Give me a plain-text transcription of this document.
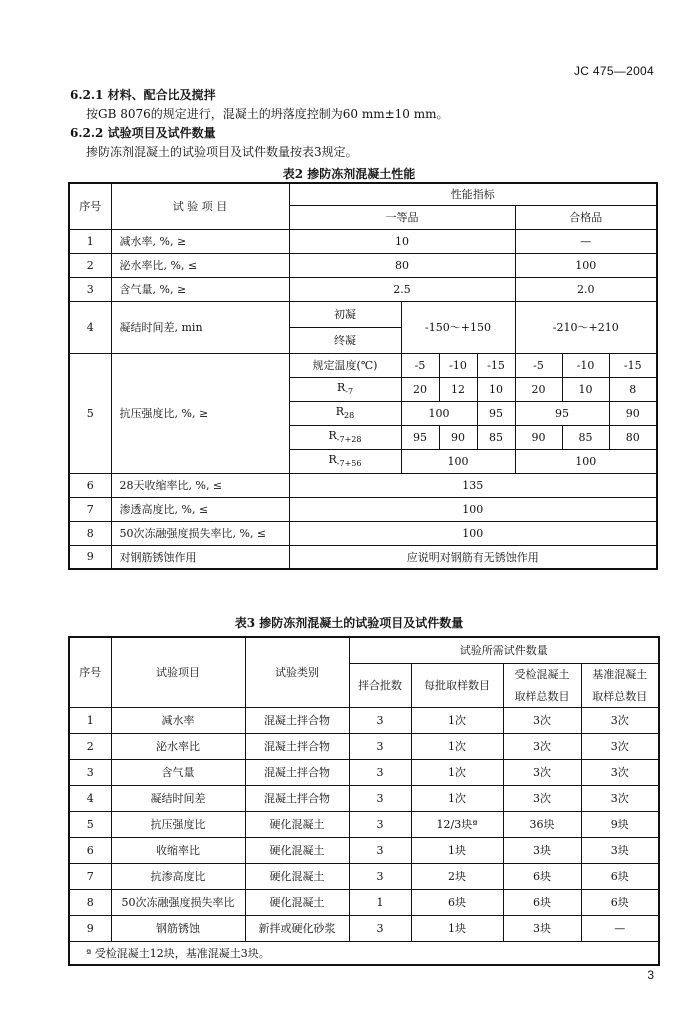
JC 475—2004
6.2.1 材料、配合比及搅拌
按GB 8076的规定进行，混凝土的坍落度控制为60 mm±10 mm。
6.2.2 试验项目及试件数量
掺防冻剂混凝土的试验项目及试件数量按表3规定。
表2 掺防冻剂混凝土性能
序号	试 验 项 目	性能指标						
		一等品				合格品		
1	减水率, %, ≥	10				—		
2	泌水率比, %, ≤	80				100		
3	含气量, %, ≥	2.5				2.0		
4	凝结时间差, min	初凝	-150～+150			-210～+210		
		终凝						
5	抗压强度比, %, ≥	规定温度(℃)	-5	-10	-15	-5	-10	-15
		$R_{-7}$	20	12	10	20	10	8
		$R_{28}$	100		95	95		90
		$R_{-7+28}$	95	90	85	90	85	80
		$R_{-7+56}$	100			100		
6	28天收缩率比, %, ≤	135						
7	渗透高度比, %, ≤	100						
8	50次冻融强度损失率比, %, ≤	100						
9	对钢筋锈蚀作用	应说明对钢筋有无锈蚀作用						
表3 掺防冻剂混凝土的试验项目及试件数量
序号	试验项目	试验类别	试验所需试件数量			
			拌合批数	每批取样数目	受检混凝土	基准混凝土
					取样总数目	取样总数目
1	减水率	混凝土拌合物	3	1次	3次	3次
2	泌水率比	混凝土拌合物	3	1次	3次	3次
3	含气量	混凝土拌合物	3	1次	3次	3次
4	凝结时间差	混凝土拌合物	3	1次	3次	3次
5	抗压强度比	硬化混凝土	3	12/3块ª	36块	9块
6	收缩率比	硬化混凝土	3	1块	3块	3块
7	抗渗高度比	硬化混凝土	3	2块	6块	6块
8	50次冻融强度损失率比	硬化混凝土	1	6块	6块	6块
9	钢筋锈蚀	新拌或硬化砂浆	3	1块	3块	—
ª 受检混凝土12块，基准混凝土3块。						
3
